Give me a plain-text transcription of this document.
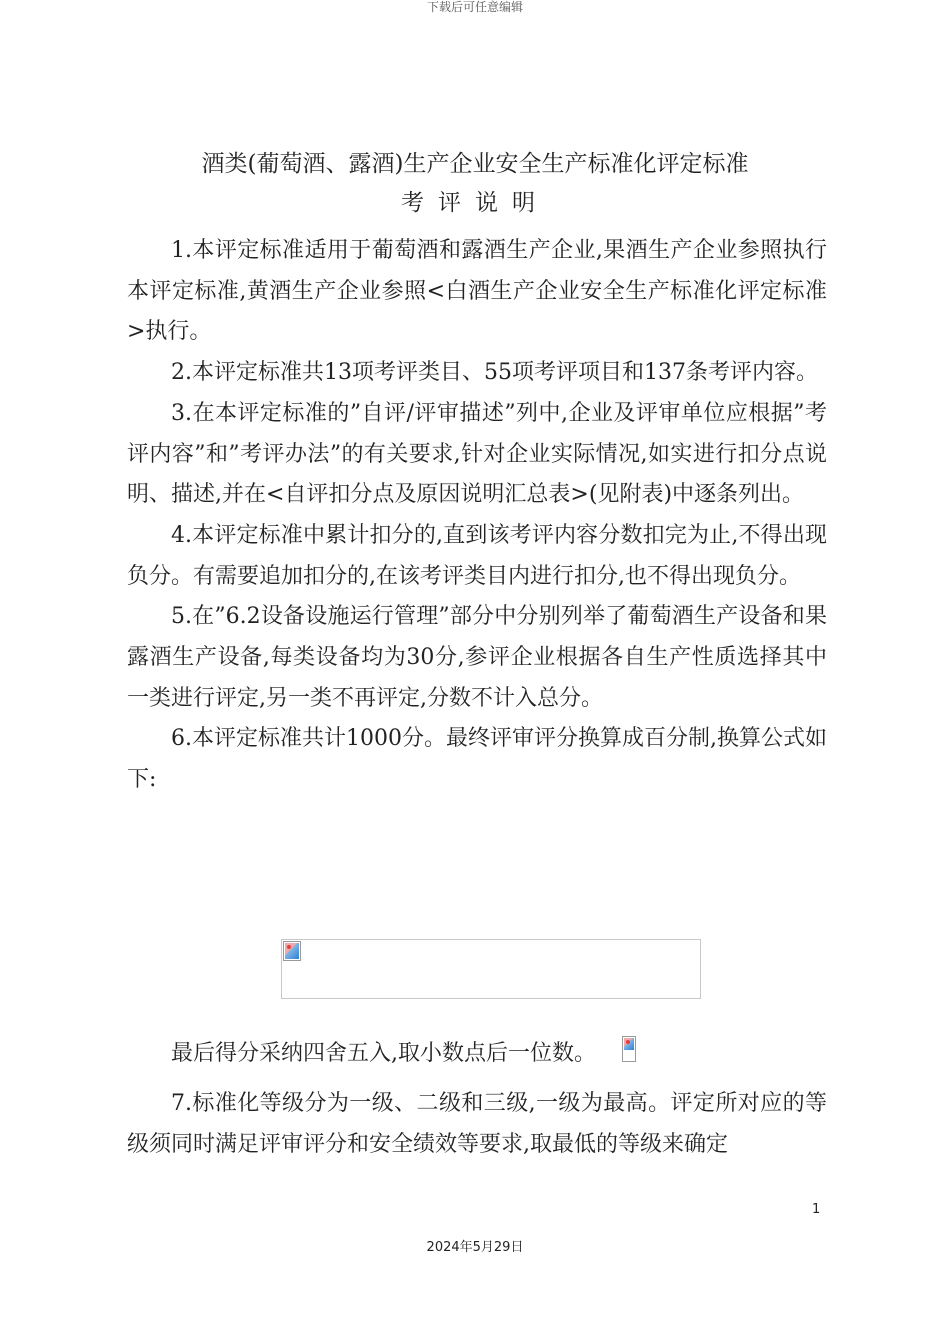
下载后可任意编辑
酒类(葡萄酒、露酒)生产企业安全生产标准化评定标准
考评说明

1.本评定标准适用于葡萄酒和露酒生产企业,果酒生产企业参照执行本评定标准,黄酒生产企业参照<白酒生产企业安全生产标准化评定标准>执行。

2.本评定标准共13项考评类目、55项考评项目和137条考评内容。

3.在本评定标准的”自评/评审描述”列中,企业及评审单位应根据”考评内容”和”考评办法”的有关要求,针对企业实际情况,如实进行扣分点说明、描述,并在<自评扣分点及原因说明汇总表>(见附表)中逐条列出。

4.本评定标准中累计扣分的,直到该考评内容分数扣完为止,不得出现负分。有需要追加扣分的,在该考评类目内进行扣分,也不得出现负分。

5.在”6.2设备设施运行管理”部分中分别列举了葡萄酒生产设备和果露酒生产设备,每类设备均为30分,参评企业根据各自生产性质选择其中一类进行评定,另一类不再评定,分数不计入总分。

6.本评定标准共计1000分。最终评审评分换算成百分制,换算公式如下:

最后得分采纳四舍五入,取小数点后一位数。

7.标准化等级分为一级、二级和三级,一级为最高。评定所对应的等级须同时满足评审评分和安全绩效等要求,取最低的等级来确定

1
2024年5月29日
